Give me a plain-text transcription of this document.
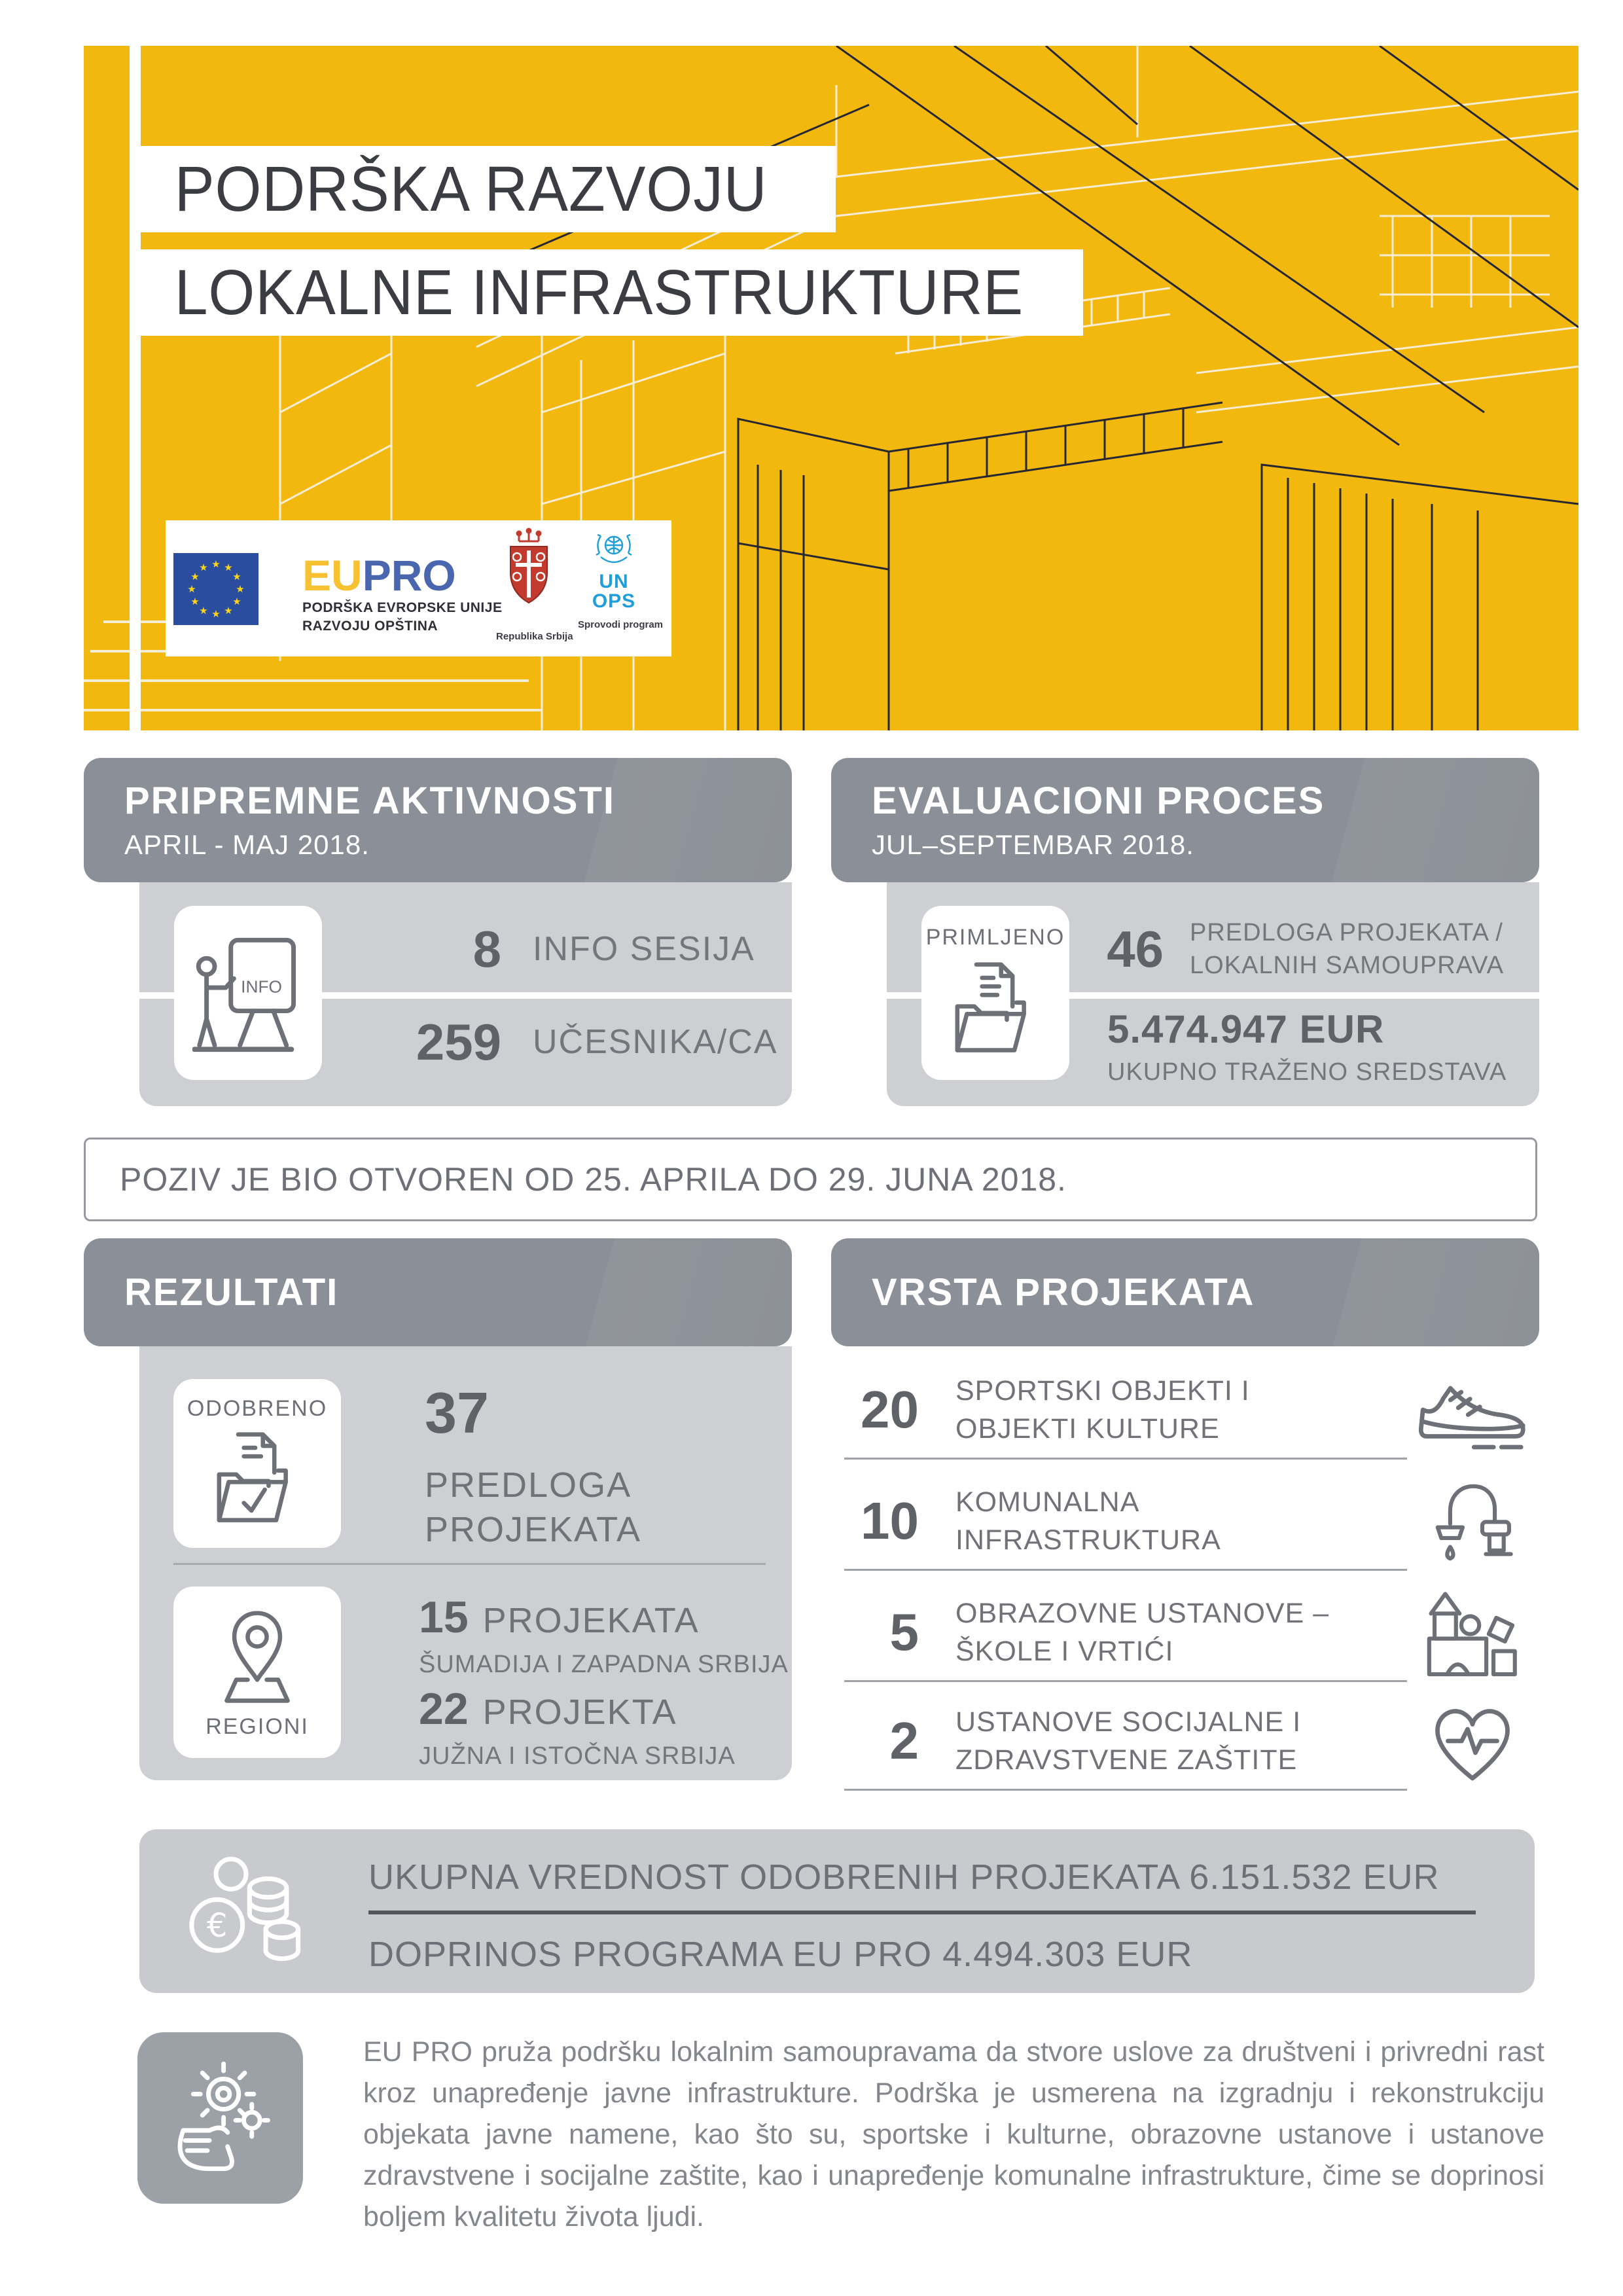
PODRŠKA RAZVOJU
LOKALNE INFRASTRUKTURE
★ ★
★
★
★
★
★
★
★
★
★
★ EUPRO
PODRŠKA EVROPSKE UNIJE
RAZVOJU OPŠTINA
Republika Srbija
UN
OPS
Sprovodi program
PRIPREMNE AKTIVNOSTI
APRIL - MAJ 2018.
INFO
8 INFO SESIJA
259 UČESNIKA/CA
EVALUACIONI PROCES
JUL–SEPTEMBAR 2018.
PRIMLJENO 46 PREDLOGA PROJEKATA /
LOKALNIH SAMOUPRAVA
5.474.947 EUR
UKUPNO TRAŽENO SREDSTAVA
POZIV JE BIO OTVOREN OD 25. APRILA DO 29. JUNA 2018.
REZULTATI
ODOBRENO 37
PREDLOGA
PROJEKATA
REGIONI
15 PROJEKATA
ŠUMADIJA I ZAPADNA SRBIJA
22 PROJEKTA
JUŽNA I ISTOČNA SRBIJA
VRSTA PROJEKATA
20 SPORTSKI OBJEKTI I
OBJEKTI KULTURE
10 KOMUNALNA
INFRASTRUKTURA
5 OBRAZOVNE USTANOVE –
ŠKOLE I VRTIĆI
2 USTANOVE SOCIJALNE I
ZDRAVSTVENE ZAŠTITE
€
UKUPNA VREDNOST ODOBRENIH PROJEKATA 6.151.532 EUR
DOPRINOS PROGRAMA EU PRO 4.494.303 EUR
EU PRO pruža podršku lokalnim samoupravama da stvore uslove za društveni i privredni rast kroz unapređenje javne infrastrukture. Podrška je usmerena na izgradnju i rekonstrukciju objekata javne namene, kao što su, sportske i kulturne, obrazovne ustanove i ustanove zdravstvene i socijalne zaštite, kao i unapređenje komunalne infrastrukture, čime se doprinosi boljem kvalitetu života ljudi.
